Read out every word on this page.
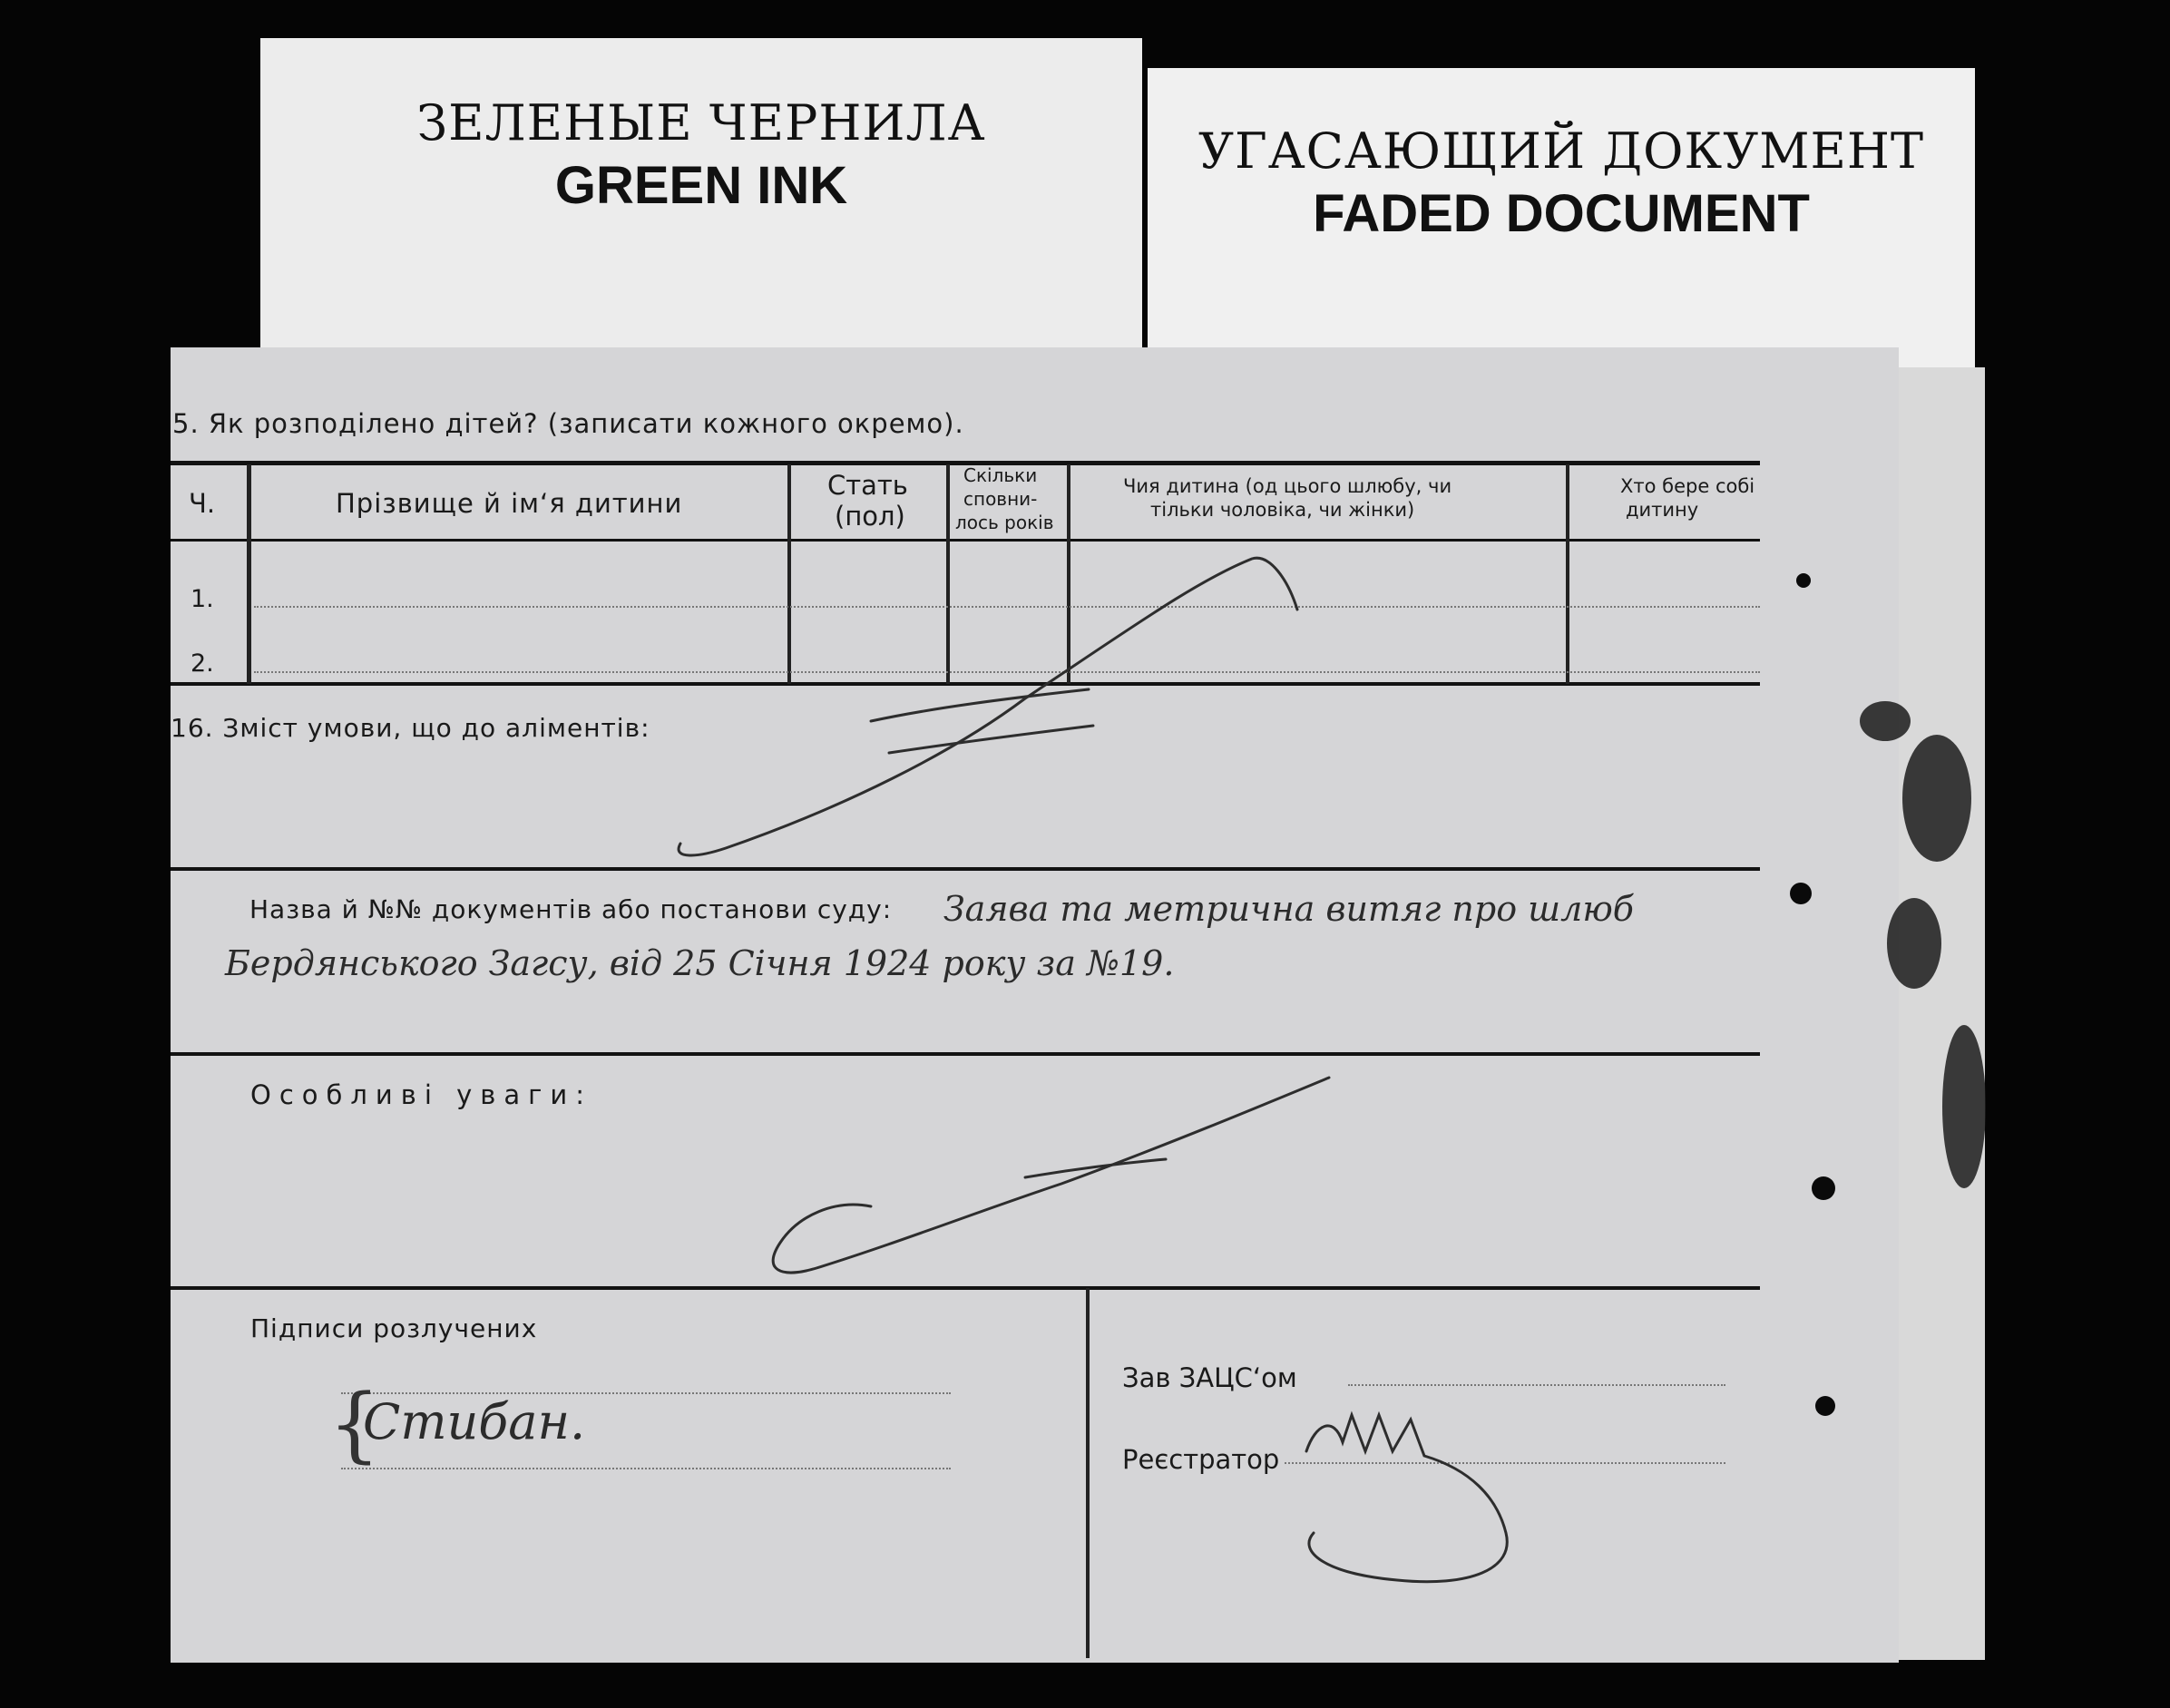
ЗЕЛЕНЫЕ ЧЕРНИЛА
GREEN INK
УГАСАЮЩИЙ ДОКУМЕНТ
FADED DOCUMENT
5. Як розподілено дітей? (записати кожного окремо).
Ч.	Прізвище й ім‘я дитини
Стать
(пол)
Скільки
сповни-
лось років
Чия дитина (од цього шлюбу, чи
тільки чоловіка, чи жінки)
Хто бере собі
дитину
1.
2.
16. Зміст умови, що до аліментів:
Назва й №№ документів або постанови суду: Заява та метрична витяг про шлюб
Бердянського Загсу, від 25 Січня 1924 року за №19.
Особливі уваги:
Підписи розлучених
{
Стибан.
Зав ЗАЦС‘ом
Реєстратор
